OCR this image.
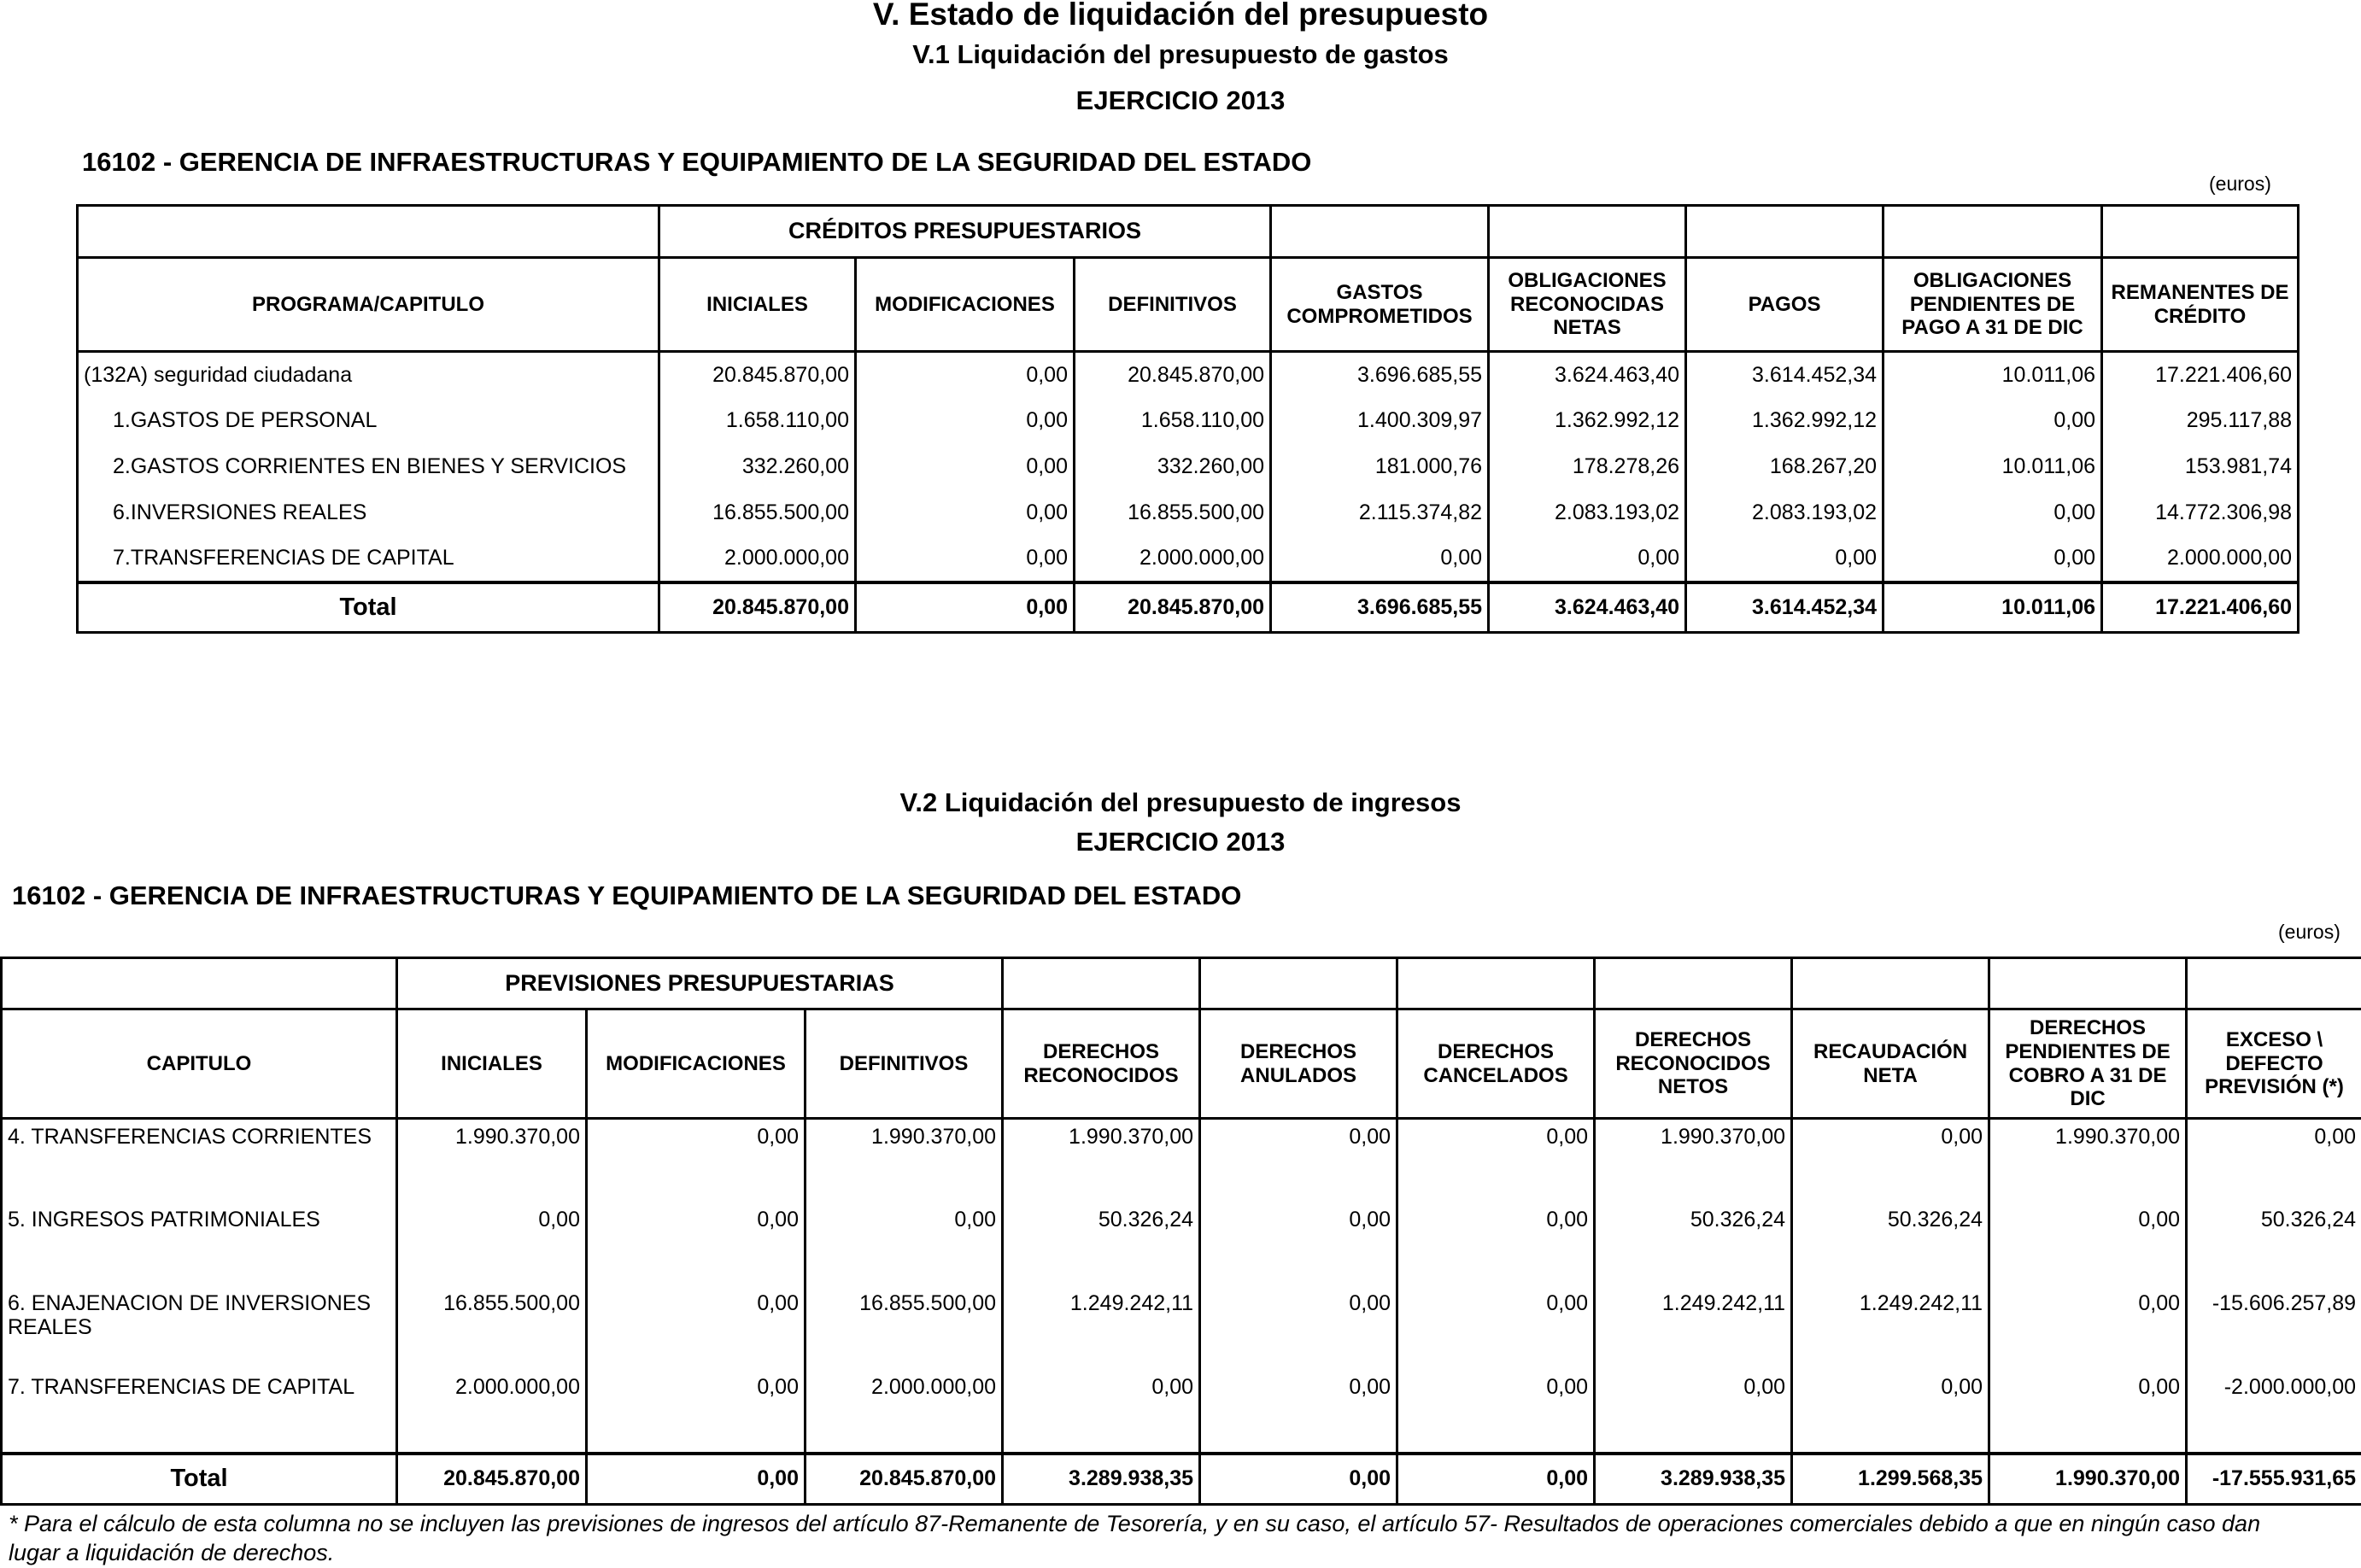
V. Estado de liquidación del presupuesto
V.1 Liquidación del presupuesto de gastos
EJERCICIO 2013
16102 - GERENCIA DE INFRAESTRUCTURAS Y EQUIPAMIENTO DE LA SEGURIDAD DEL ESTADO
(euros)
	CRÉDITOS PRESUPUESTARIOS							
PROGRAMA/CAPITULO	INICIALES	MODIFICACIONES	DEFINITIVOS	GASTOS COMPROMETIDOS	OBLIGACIONES RECONOCIDAS NETAS	PAGOS	OBLIGACIONES PENDIENTES DE PAGO A 31 DE DIC	REMANENTES DE CRÉDITO
(132A) seguridad ciudadana	20.845.870,00	0,00	20.845.870,00	3.696.685,55	3.624.463,40	3.614.452,34	10.011,06	17.221.406,60
1.GASTOS DE PERSONAL	1.658.110,00	0,00	1.658.110,00	1.400.309,97	1.362.992,12	1.362.992,12	0,00	295.117,88
2.GASTOS CORRIENTES EN BIENES Y SERVICIOS	332.260,00	0,00	332.260,00	181.000,76	178.278,26	168.267,20	10.011,06	153.981,74
6.INVERSIONES REALES	16.855.500,00	0,00	16.855.500,00	2.115.374,82	2.083.193,02	2.083.193,02	0,00	14.772.306,98
7.TRANSFERENCIAS DE CAPITAL	2.000.000,00	0,00	2.000.000,00	0,00	0,00	0,00	0,00	2.000.000,00
Total	20.845.870,00	0,00	20.845.870,00	3.696.685,55	3.624.463,40	3.614.452,34	10.011,06	17.221.406,60
V.2 Liquidación del presupuesto de ingresos
EJERCICIO 2013
16102 - GERENCIA DE INFRAESTRUCTURAS Y EQUIPAMIENTO DE LA SEGURIDAD DEL ESTADO
(euros)
	PREVISIONES PRESUPUESTARIAS									
CAPITULO	INICIALES	MODIFICACIONES	DEFINITIVOS	DERECHOS RECONOCIDOS	DERECHOS ANULADOS	DERECHOS CANCELADOS	DERECHOS RECONOCIDOS NETOS	RECAUDACIÓN NETA	DERECHOS PENDIENTES DE COBRO A 31 DE DIC	EXCESO \ DEFECTO PREVISIÓN (*)
4. TRANSFERENCIAS CORRIENTES	1.990.370,00	0,00	1.990.370,00	1.990.370,00	0,00	0,00	1.990.370,00	0,00	1.990.370,00	0,00
5. INGRESOS PATRIMONIALES	0,00	0,00	0,00	50.326,24	0,00	0,00	50.326,24	50.326,24	0,00	50.326,24
6. ENAJENACION DE INVERSIONES REALES	16.855.500,00	0,00	16.855.500,00	1.249.242,11	0,00	0,00	1.249.242,11	1.249.242,11	0,00	-15.606.257,89
7. TRANSFERENCIAS DE CAPITAL	2.000.000,00	0,00	2.000.000,00	0,00	0,00	0,00	0,00	0,00	0,00	-2.000.000,00
Total	20.845.870,00	0,00	20.845.870,00	3.289.938,35	0,00	0,00	3.289.938,35	1.299.568,35	1.990.370,00	-17.555.931,65
* Para el cálculo de esta columna no se incluyen las previsiones de ingresos del artículo 87-Remanente de Tesorería, y en su caso, el artículo 57- Resultados de operaciones comerciales debido a que en ningún caso dan lugar a liquidación de derechos.
